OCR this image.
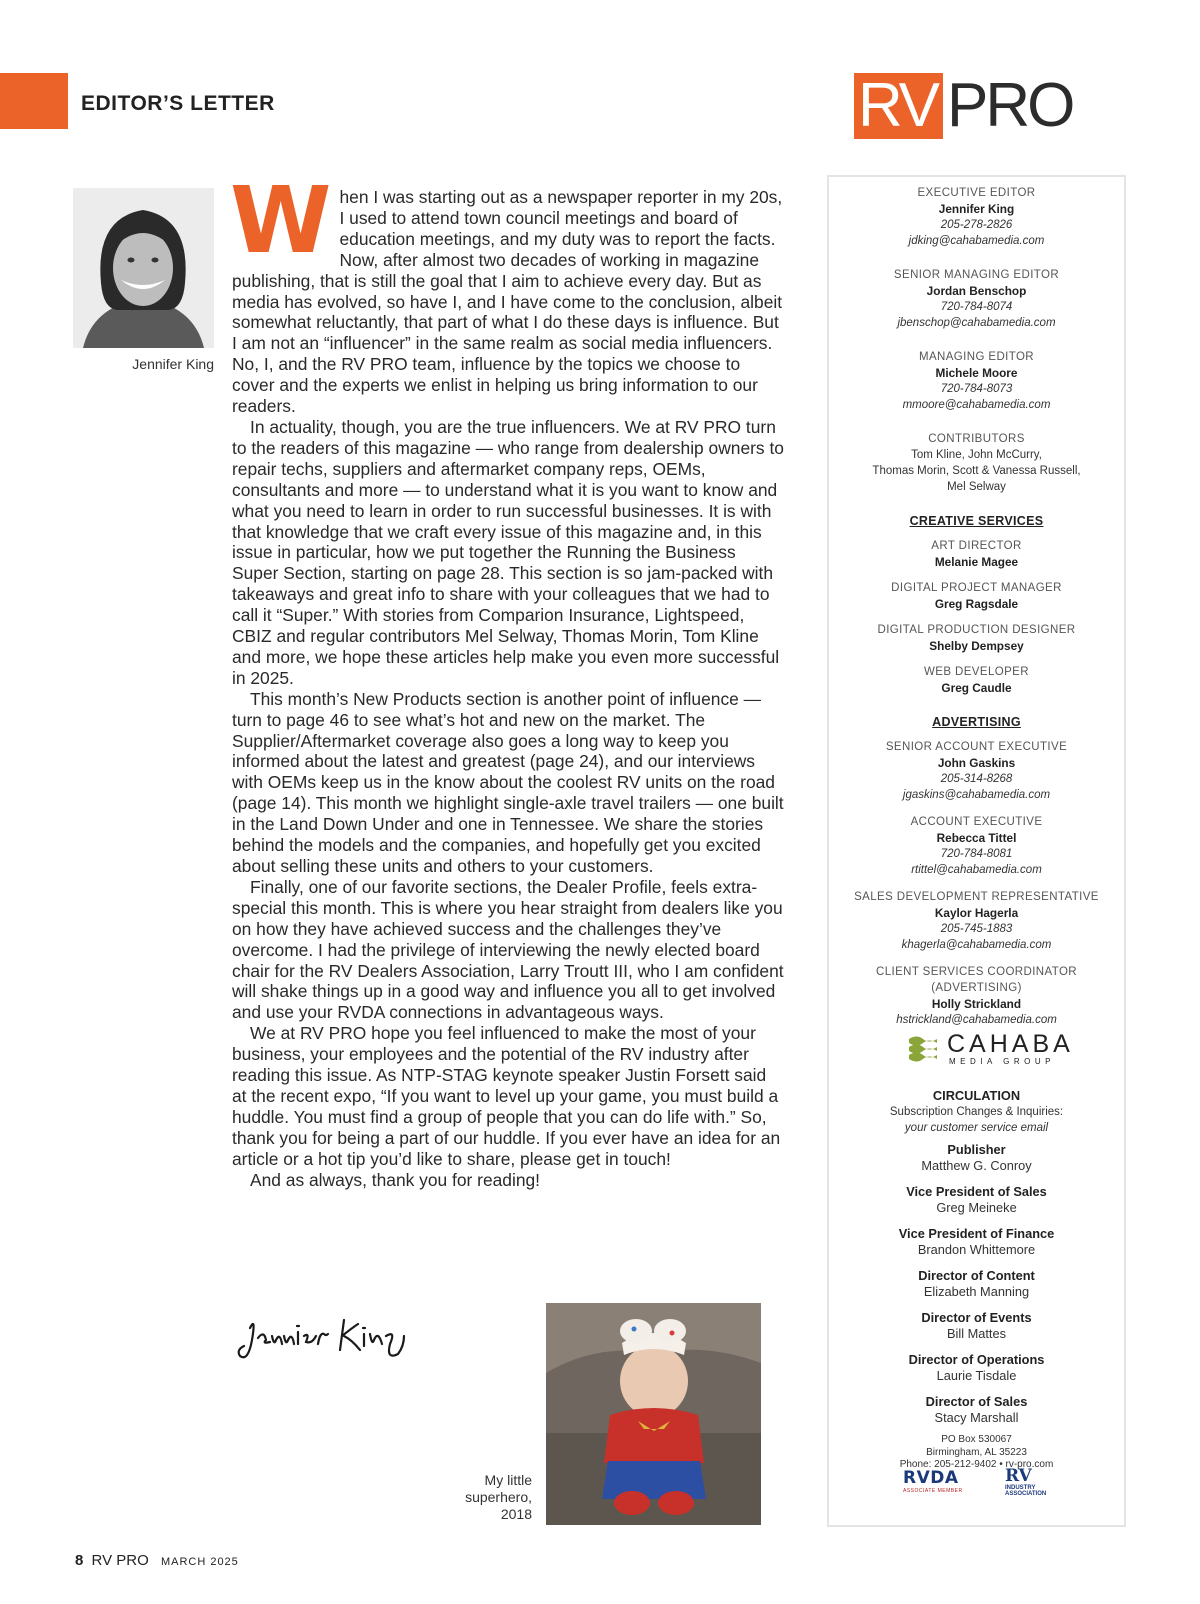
EDITOR’S LETTER	RV PRO
Jennifer King

When I was starting out as a newspaper reporter in my 20s, I used to attend town council meetings and board of education meetings, and my duty was to report the facts. Now, after almost two decades of working in magazine publishing, that is still the goal that I aim to achieve every day. But as media has evolved, so have I, and I have come to the conclusion, albeit somewhat reluctantly, that part of what I do these days is influence. But I am not an “influencer” in the same realm as social media influencers. No, I, and the RV PRO team, influence by the topics we choose to cover and the experts we enlist in helping us bring information to our readers.

In actuality, though, you are the true influencers. We at RV PRO turn to the readers of this magazine — who range from dealership owners to repair techs, suppliers and aftermarket company reps, OEMs, consultants and more — to understand what it is you want to know and what you need to learn in order to run successful businesses. It is with that knowledge that we craft every issue of this magazine and, in this issue in particular, how we put together the Running the Business Super Section, starting on page 28. This section is so jam-packed with takeaways and great info to share with your colleagues that we had to call it “Super.” With stories from Comparion Insurance, Lightspeed, CBIZ and regular contributors Mel Selway, Thomas Morin, Tom Kline and more, we hope these articles help make you even more successful in 2025.

This month’s New Products section is another point of influence — turn to page 46 to see what’s hot and new on the market. The Supplier/Aftermarket coverage also goes a long way to keep you informed about the latest and greatest (page 24), and our interviews with OEMs keep us in the know about the coolest RV units on the road (page 14). This month we highlight single-axle travel trailers — one built in the Land Down Under and one in Tennessee. We share the stories behind the models and the companies, and hopefully get you excited about selling these units and others to your customers.

Finally, one of our favorite sections, the Dealer Profile, feels extra-special this month. This is where you hear straight from dealers like you on how they have achieved success and the challenges they’ve overcome. I had the privilege of interviewing the newly elected board chair for the RV Dealers Association, Larry Troutt III, who I am confident will shake things up in a good way and influence you all to get involved and use your RVDA connections in advantageous ways.

We at RV PRO hope you feel influenced to make the most of your business, your employees and the potential of the RV industry after reading this issue. As NTP-STAG keynote speaker Justin Forsett said at the recent expo, “If you want to level up your game, you must build a huddle. You must find a group of people that you can do life with.” So, thank you for being a part of our huddle. If you ever have an idea for an article or a hot tip you’d like to share, please get in touch!

And as always, thank you for reading!

My little superhero, 2018
8 RV PRO MARCH 2025
EXECUTIVE EDITOR
Jennifer King
205-278-2826
jdking@cahabamedia.com
SENIOR MANAGING EDITOR
Jordan Benschop
720-784-8074
jbenschop@cahabamedia.com
MANAGING EDITOR
Michele Moore
720-784-8073
mmoore@cahabamedia.com
CONTRIBUTORS
Tom Kline, John McCurry,
Thomas Morin, Scott & Vanessa Russell,
Mel Selway
CREATIVE SERVICES
ART DIRECTOR
Melanie Magee
DIGITAL PROJECT MANAGER
Greg Ragsdale
DIGITAL PRODUCTION DESIGNER
Shelby Dempsey
WEB DEVELOPER
Greg Caudle
ADVERTISING
SENIOR ACCOUNT EXECUTIVE
John Gaskins
205-314-8268
jgaskins@cahabamedia.com
ACCOUNT EXECUTIVE
Rebecca Tittel
720-784-8081
rtittel@cahabamedia.com
SALES DEVELOPMENT REPRESENTATIVE
Kaylor Hagerla
205-745-1883
khagerla@cahabamedia.com
CLIENT SERVICES COORDINATOR
(ADVERTISING)
Holly Strickland
hstrickland@cahabamedia.com
CAHABA
MEDIA GROUP
CIRCULATION
Subscription Changes & Inquiries:
your customer service email
Publisher
Matthew G. Conroy
Vice President of Sales
Greg Meineke
Vice President of Finance
Brandon Whittemore
Director of Content
Elizabeth Manning
Director of Events
Bill Mattes
Director of Operations
Laurie Tisdale
Director of Sales
Stacy Marshall
PO Box 530067
Birmingham, AL 35223
Phone: 205-212-9402 • rv-pro.com
RVDA
ASSOCIATE MEMBER
RV
INDUSTRY
ASSOCIATION
